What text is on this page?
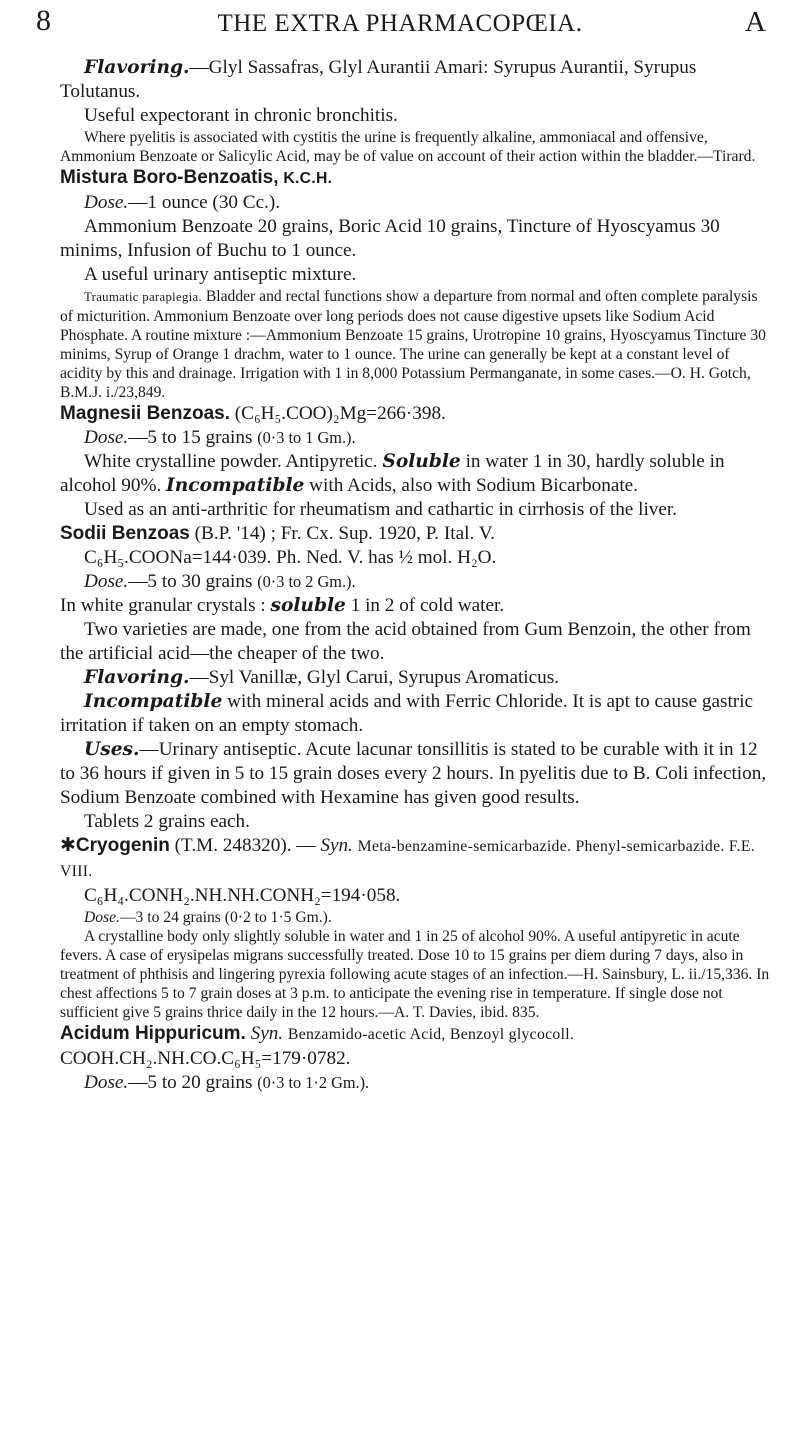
8	THE EXTRA PHARMACOPŒIA.	A

Flavoring.—Glyl Sassafras, Glyl Aurantii Amari: Syrupus Aurantii, Syrupus Tolutanus.

Useful expectorant in chronic bronchitis.

Where pyelitis is associated with cystitis the urine is frequently alkaline, ammoniacal and offensive, Ammonium Benzoate or Salicylic Acid, may be of value on account of their action within the bladder.—Tirard.

Mistura Boro-Benzoatis, K.C.H.

Dose.—1 ounce (30 Cc.).

Ammonium Benzoate 20 grains, Boric Acid 10 grains, Tincture of Hyoscyamus 30 minims, Infusion of Buchu to 1 ounce.

A useful urinary antiseptic mixture.

Traumatic paraplegia. Bladder and rectal functions show a departure from normal and often complete paralysis of micturition. Ammonium Benzoate over long periods does not cause digestive upsets like Sodium Acid Phosphate. A routine mixture :—Ammonium Benzoate 15 grains, Urotropine 10 grains, Hyoscyamus Tincture 30 minims, Syrup of Orange 1 drachm, water to 1 ounce. The urine can generally be kept at a constant level of acidity by this and drainage. Irrigation with 1 in 8,000 Potassium Permanganate, in some cases.—O. H. Gotch, B.M.J. i./23,849.

Magnesii Benzoas. (C₆H₅.COO)₂Mg=266·398.

Dose.—5 to 15 grains (0·3 to 1 Gm.).

White crystalline powder. Antipyretic. Soluble in water 1 in 30, hardly soluble in alcohol 90%. Incompatible with Acids, also with Sodium Bicarbonate.

Used as an anti-arthritic for rheumatism and cathartic in cirrhosis of the liver.

Sodii Benzoas (B.P. '14) ; Fr. Cx. Sup. 1920, P. Ital. V.

C₆H₅.COONa=144·039. Ph. Ned. V. has ½ mol. H₂O.

Dose.—5 to 30 grains (0·3 to 2 Gm.).

In white granular crystals : soluble 1 in 2 of cold water.

Two varieties are made, one from the acid obtained from Gum Benzoin, the other from the artificial acid—the cheaper of the two.

Flavoring.—Syl Vanillæ, Glyl Carui, Syrupus Aromaticus.

Incompatible with mineral acids and with Ferric Chloride. It is apt to cause gastric irritation if taken on an empty stomach.

Uses.—Urinary antiseptic. Acute lacunar tonsillitis is stated to be curable with it in 12 to 36 hours if given in 5 to 15 grain doses every 2 hours. In pyelitis due to B. Coli infection, Sodium Benzoate combined with Hexamine has given good results.

Tablets 2 grains each.

✱Cryogenin (T.M. 248320). — Syn. Meta-benzamine-semicarbazide. Phenyl-semicarbazide. F.E. VIII.

C₆H₄.CONH₂.NH.NH.CONH₂=194·058.

Dose.—3 to 24 grains (0·2 to 1·5 Gm.).

A crystalline body only slightly soluble in water and 1 in 25 of alcohol 90%. A useful antipyretic in acute fevers. A case of erysipelas migrans successfully treated. Dose 10 to 15 grains per diem during 7 days, also in treatment of phthisis and lingering pyrexia following acute stages of an infection.—H. Sainsbury, L. ii./15,336. In chest affections 5 to 7 grain doses at 3 p.m. to anticipate the evening rise in temperature. If single dose not sufficient give 5 grains thrice daily in the 12 hours.—A. T. Davies, ibid. 835.

Acidum Hippuricum. Syn. Benzamido-acetic Acid, Benzoyl glycocoll. COOH.CH₂.NH.CO.C₆H₅=179·0782.

Dose.—5 to 20 grains (0·3 to 1·2 Gm.).
